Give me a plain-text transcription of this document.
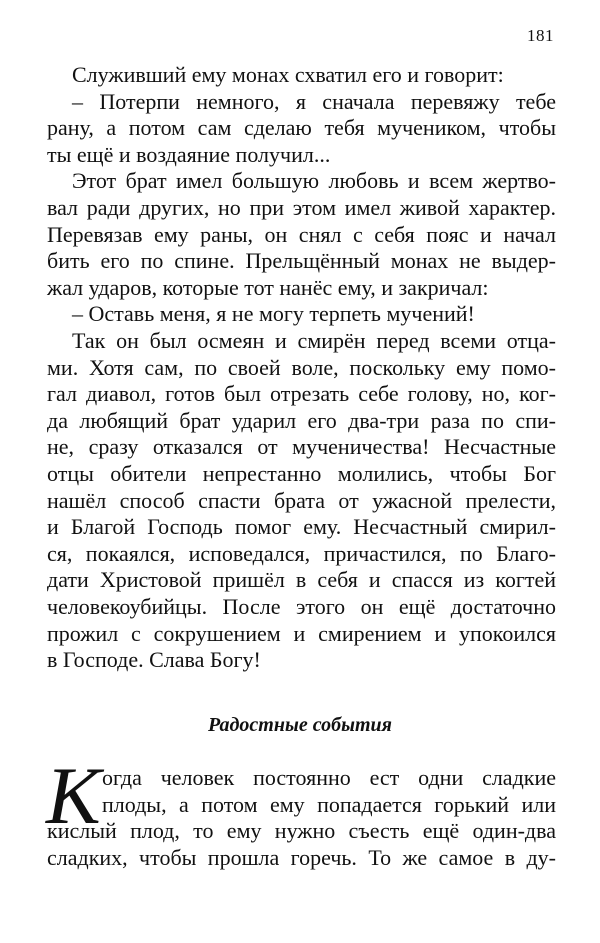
181
Служивший ему монах схватил его и говорит:
– Потерпи немного, я сначала перевяжу тебе
рану, а потом сам сделаю тебя мучеником, чтобы
ты ещё и воздаяние получил...
Этот брат имел большую любовь и всем жертво-
вал ради других, но при этом имел живой характер.
Перевязав ему раны, он снял с себя пояс и начал
бить его по спине. Прельщённый монах не выдер-
жал ударов, которые тот нанёс ему, и закричал:
– Оставь меня, я не могу терпеть мучений!
Так он был осмеян и смирён перед всеми отца-
ми. Хотя сам, по своей воле, поскольку ему помо-
гал диавол, готов был отрезать себе голову, но, ког-
да любящий брат ударил его два-три раза по спи-
не, сразу отказался от мученичества! Несчастные
отцы обители непрестанно молились, чтобы Бог
нашёл способ спасти брата от ужасной прелести,
и Благой Господь помог ему. Несчастный смирил-
ся, покаялся, исповедался, причастился, по Благо-
дати Христовой пришёл в себя и спасся из когтей
человекоубийцы. После этого он ещё достаточно
прожил с сокрушением и смирением и упокоился
в Господе. Слава Богу!
Радостные события
К огда человек постоянно ест одни сладкие
плоды, а потом ему попадается горький или
кислый плод, то ему нужно съесть ещё один-два
сладких, чтобы прошла горечь. То же самое в ду-
